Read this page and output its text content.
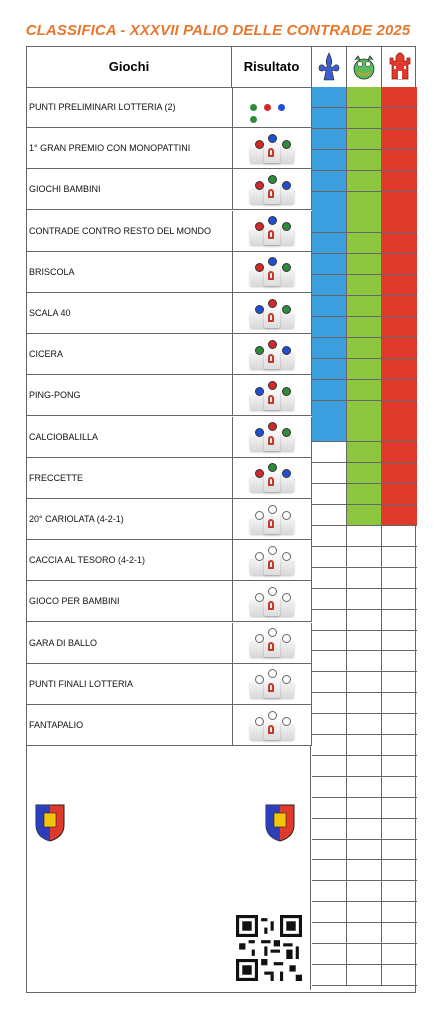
CLASSIFICA - XXXVII PALIO DELLE CONTRADE 2025
Giochi	Risultato
PUNTI PRELIMINARI LOTTERIA (2)
1° GRAN PREMIO CON MONOPATTINI
GIOCHI BAMBINI
CONTRADE CONTRO RESTO DEL MONDO
BRISCOLA
SCALA 40
CICERA
PING-PONG
CALCIOBALILLA
FRECCETTE
20° CARIOLATA (4-2-1)
CACCIA AL TESORO (4-2-1)
GIOCO PER BAMBINI
GARA DI BALLO
PUNTI FINALI LOTTERIA
FANTAPALIO
